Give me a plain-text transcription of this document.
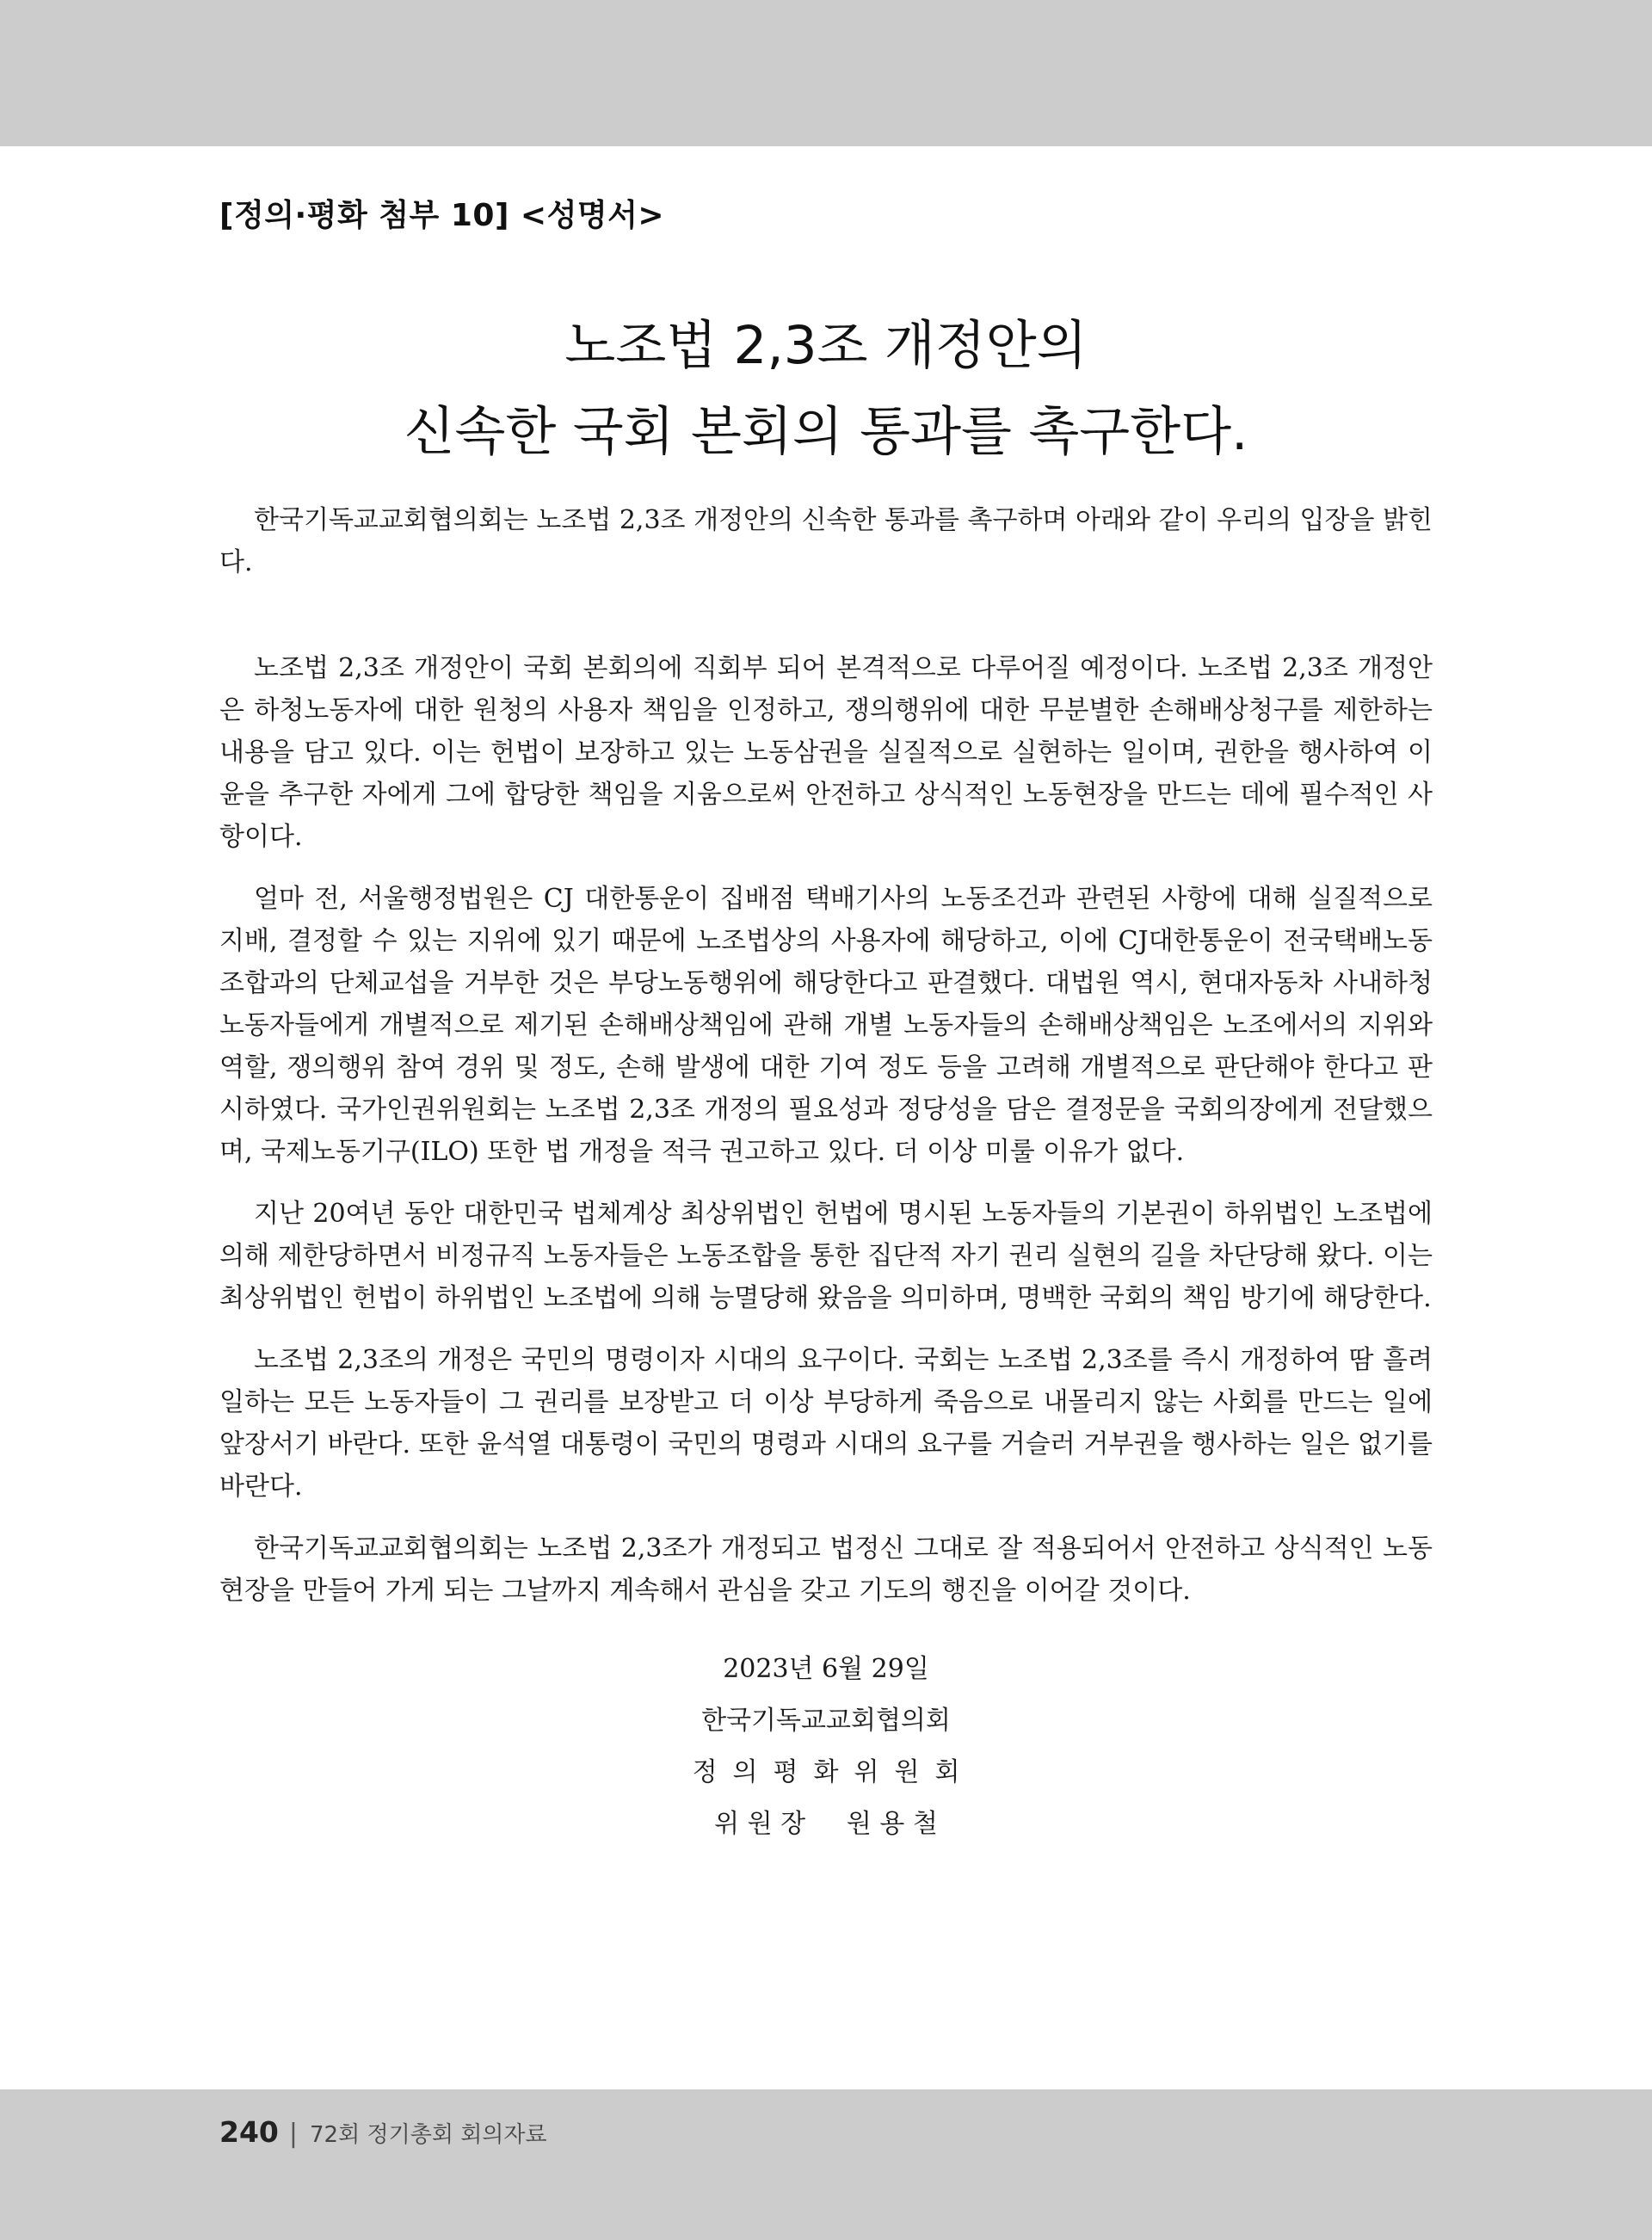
[정의·평화 첨부 10] <성명서>
노조법 2,3조 개정안의
신속한 국회 본회의 통과를 촉구한다.

한국기독교교회협의회는 노조법 2,3조 개정안의 신속한 통과를 촉구하며 아래와 같이 우리의 입장을 밝힌다.

노조법 2,3조 개정안이 국회 본회의에 직회부 되어 본격적으로 다루어질 예정이다. 노조법 2,3조 개정안은 하청노동자에 대한 원청의 사용자 책임을 인정하고, 쟁의행위에 대한 무분별한 손해배상청구를 제한하는 내용을 담고 있다. 이는 헌법이 보장하고 있는 노동삼권을 실질적으로 실현하는 일이며, 권한을 행사하여 이윤을 추구한 자에게 그에 합당한 책임을 지움으로써 안전하고 상식적인 노동현장을 만드는 데에 필수적인 사항이다.

얼마 전, 서울행정법원은 CJ 대한통운이 집배점 택배기사의 노동조건과 관련된 사항에 대해 실질적으로 지배, 결정할 수 있는 지위에 있기 때문에 노조법상의 사용자에 해당하고, 이에 CJ대한통운이 전국택배노동조합과의 단체교섭을 거부한 것은 부당노동행위에 해당한다고 판결했다. 대법원 역시, 현대자동차 사내하청노동자들에게 개별적으로 제기된 손해배상책임에 관해 개별 노동자들의 손해배상책임은 노조에서의 지위와 역할, 쟁의행위 참여 경위 및 정도, 손해 발생에 대한 기여 정도 등을 고려해 개별적으로 판단해야 한다고 판시하였다. 국가인권위원회는 노조법 2,3조 개정의 필요성과 정당성을 담은 결정문을 국회의장에게 전달했으며, 국제노동기구(ILO) 또한 법 개정을 적극 권고하고 있다. 더 이상 미룰 이유가 없다.

지난 20여년 동안 대한민국 법체계상 최상위법인 헌법에 명시된 노동자들의 기본권이 하위법인 노조법에 의해 제한당하면서 비정규직 노동자들은 노동조합을 통한 집단적 자기 권리 실현의 길을 차단당해 왔다. 이는 최상위법인 헌법이 하위법인 노조법에 의해 능멸당해 왔음을 의미하며, 명백한 국회의 책임 방기에 해당한다.

노조법 2,3조의 개정은 국민의 명령이자 시대의 요구이다. 국회는 노조법 2,3조를 즉시 개정하여 땀 흘려 일하는 모든 노동자들이 그 권리를 보장받고 더 이상 부당하게 죽음으로 내몰리지 않는 사회를 만드는 일에 앞장서기 바란다. 또한 윤석열 대통령이 국민의 명령과 시대의 요구를 거슬러 거부권을 행사하는 일은 없기를 바란다.

한국기독교교회협의회는 노조법 2,3조가 개정되고 법정신 그대로 잘 적용되어서 안전하고 상식적인 노동현장을 만들어 가게 되는 그날까지 계속해서 관심을 갖고 기도의 행진을 이어갈 것이다.

2023년 6월 29일
한국기독교교회협의회
정의평화위원회
위 원 장     원 용 철
240 | 72회 정기총회 회의자료
